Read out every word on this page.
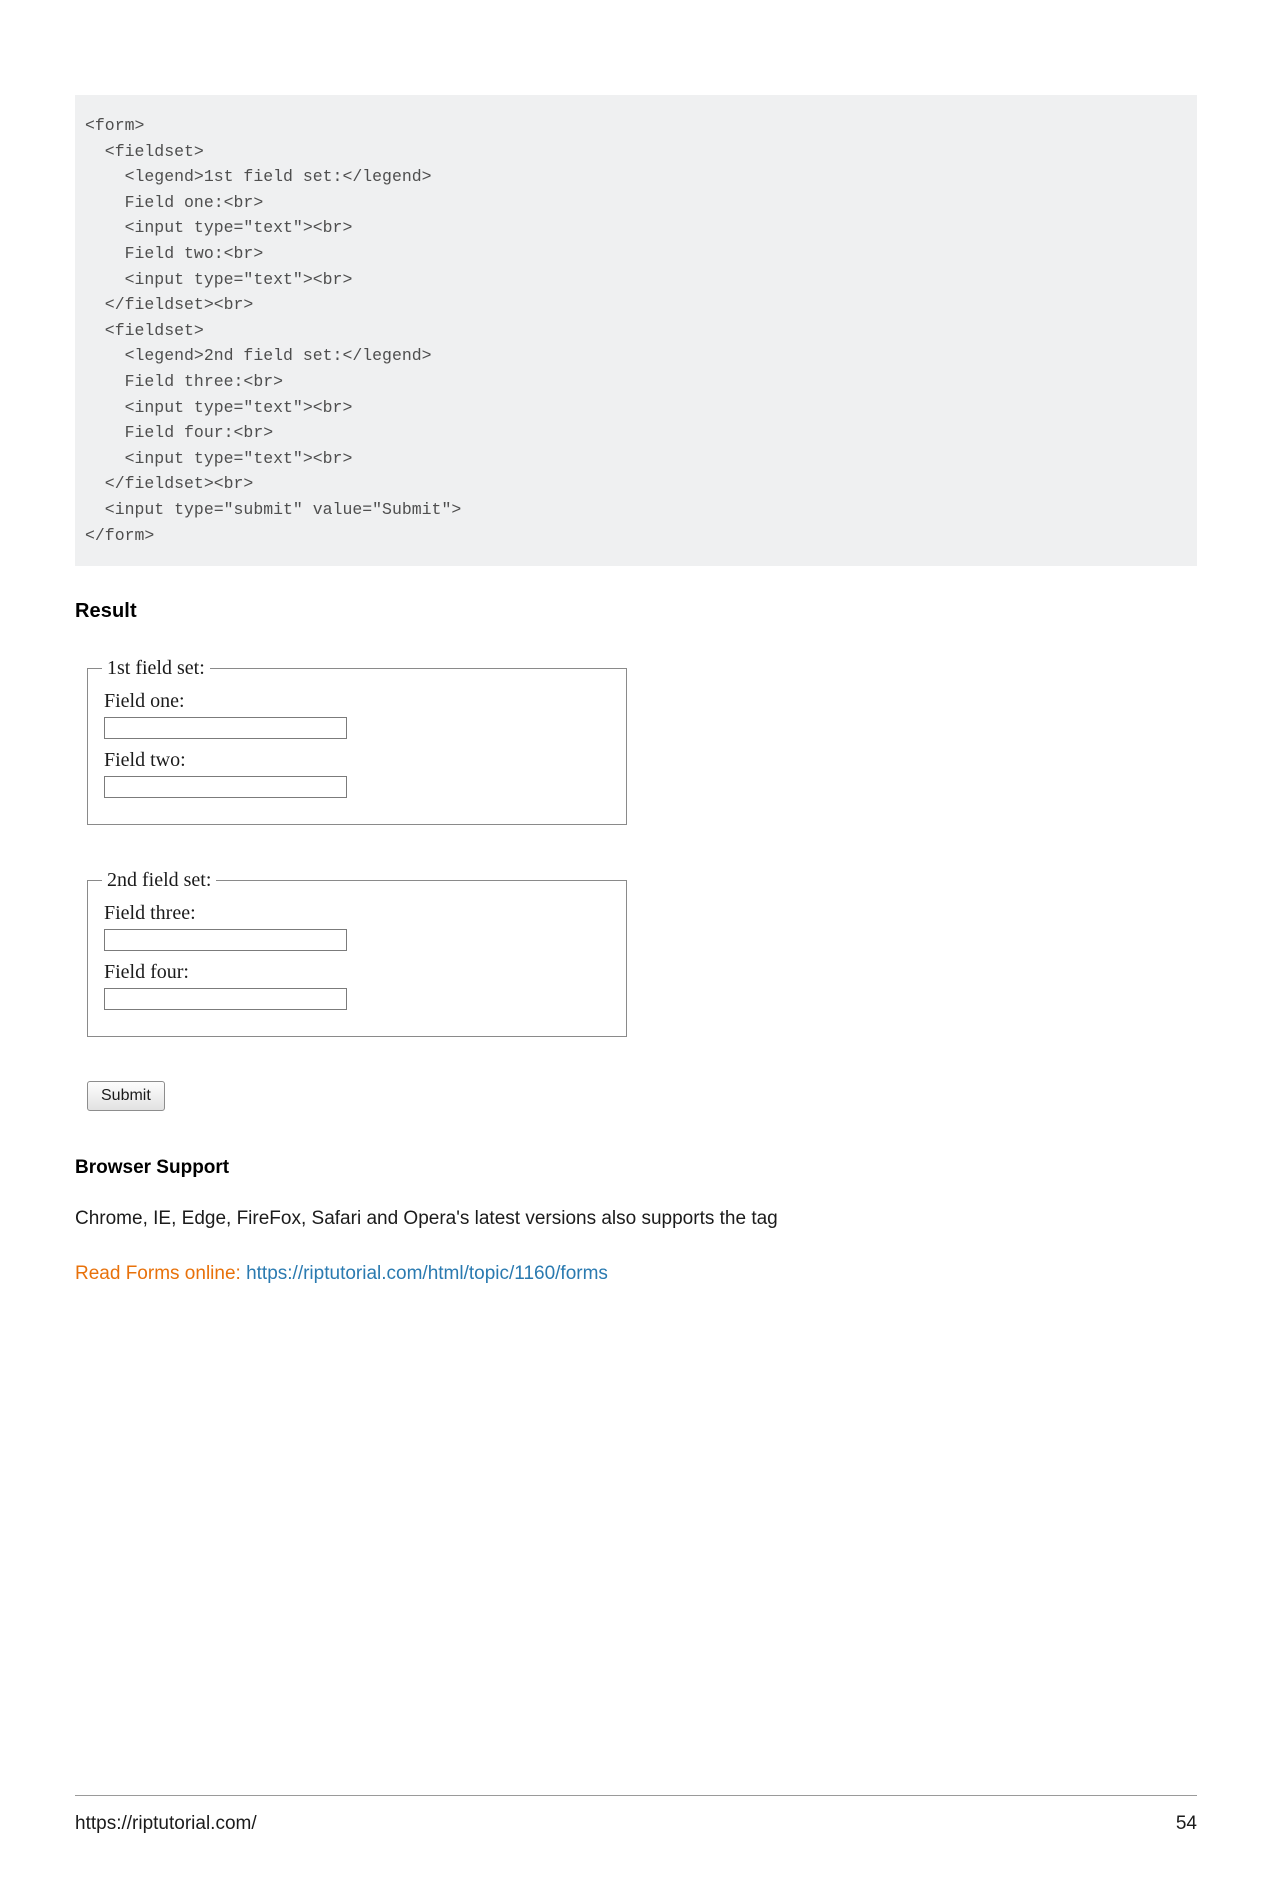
<form>
<fieldset>
<legend>1st field set:</legend>
Field one:<br>
<input type="text"><br>
Field two:<br>
<input type="text"><br>
</fieldset><br>
<fieldset>
<legend>2nd field set:</legend>
Field three:<br>
<input type="text"><br>
Field four:<br>
<input type="text"><br>
</fieldset><br>
<input type="submit" value="Submit">
</form>
Result
1st field set:
Field one:
Field two:
2nd field set:
Field three:
Field four:
Submit
Browser Support

Chrome, IE, Edge, FireFox, Safari and Opera's latest versions also supports the tag

Read Forms online: https://riptutorial.com/html/topic/1160/forms

https://riptutorial.com/	54
